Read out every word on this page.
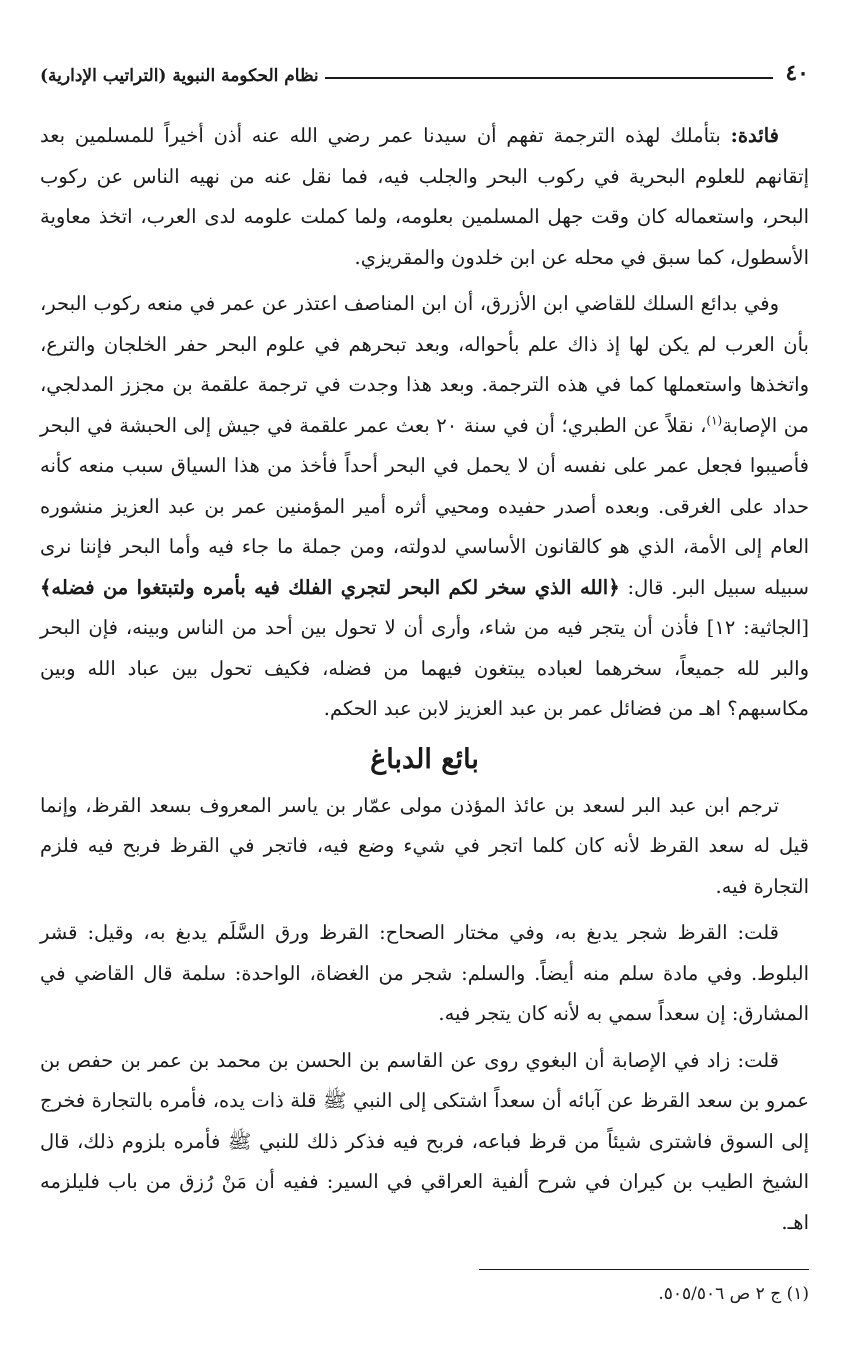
٤٠
نظام الحكومة النبوية (التراتيب الإدارية)

فائدة: بتأملك لهذه الترجمة تفهم أن سيدنا عمر رضي الله عنه أذن أخيراً للمسلمين بعد إتقانهم للعلوم البحرية في ركوب البحر والجلب فيه، فما نقل عنه من نهيه الناس عن ركوب البحر، واستعماله كان وقت جهل المسلمين بعلومه، ولما كملت علومه لدى العرب، اتخذ معاوية الأسطول، كما سبق في محله عن ابن خلدون والمقريزي.

وفي بدائع السلك للقاضي ابن الأزرق، أن ابن المناصف اعتذر عن عمر في منعه ركوب البحر، بأن العرب لم يكن لها إذ ذاك علم بأحواله، وبعد تبحرهم في علوم البحر حفر الخلجان والترع، واتخذها واستعملها كما في هذه الترجمة. وبعد هذا وجدت في ترجمة علقمة بن مجزز المدلجي، من الإصابة$^{(١)}$، نقلاً عن الطبري؛ أن في سنة ٢٠ بعث عمر علقمة في جيش إلى الحبشة في البحر فأصيبوا فجعل عمر على نفسه أن لا يحمل في البحر أحداً فأخذ من هذا السياق سبب منعه كأنه حداد على الغرقى. وبعده أصدر حفيده ومحيي أثره أمير المؤمنين عمر بن عبد العزيز منشوره العام إلى الأمة، الذي هو كالقانون الأساسي لدولته، ومن جملة ما جاء فيه وأما البحر فإننا نرى سبيله سبيل البر. قال: ﴿الله الذي سخر لكم البحر لتجري الفلك فيه بأمره ولتبتغوا من فضله﴾ [الجاثية: ١٢] فأذن أن يتجر فيه من شاء، وأرى أن لا تحول بين أحد من الناس وبينه، فإن البحر والبر لله جميعاً، سخرهما لعباده يبتغون فيهما من فضله، فكيف تحول بين عباد الله وبين مكاسبهم؟ اهـ من فضائل عمر بن عبد العزيز لابن عبد الحكم.

بائع الدباغ

ترجم ابن عبد البر لسعد بن عائذ المؤذن مولى عمّار بن ياسر المعروف بسعد القرظ، وإنما قيل له سعد القرظ لأنه كان كلما اتجر في شيء وضع فيه، فاتجر في القرظ فربح فيه فلزم التجارة فيه.

قلت: القرظ شجر يدبغ به، وفي مختار الصحاح: القرظ ورق السَّلَم يدبغ به، وقيل: قشر البلوط. وفي مادة سلم منه أيضاً. والسلم: شجر من الغضاة، الواحدة: سلمة قال القاضي في المشارق: إن سعداً سمي به لأنه كان يتجر فيه.

قلت: زاد في الإصابة أن البغوي روى عن القاسم بن الحسن بن محمد بن عمر بن حفص بن عمرو بن سعد القرظ عن آبائه أن سعداً اشتكى إلى النبي ﷺ قلة ذات يده، فأمره بالتجارة فخرج إلى السوق فاشترى شيئاً من قرظ فباعه، فربح فيه فذكر ذلك للنبي ﷺ فأمره بلزوم ذلك، قال الشيخ الطيب بن كيران في شرح ألفية العراقي في السير: ففيه أن مَنْ رُزق من باب فليلزمه اهـ.

(١) ج ٢ ص ٥٠٥/٥٠٦.
